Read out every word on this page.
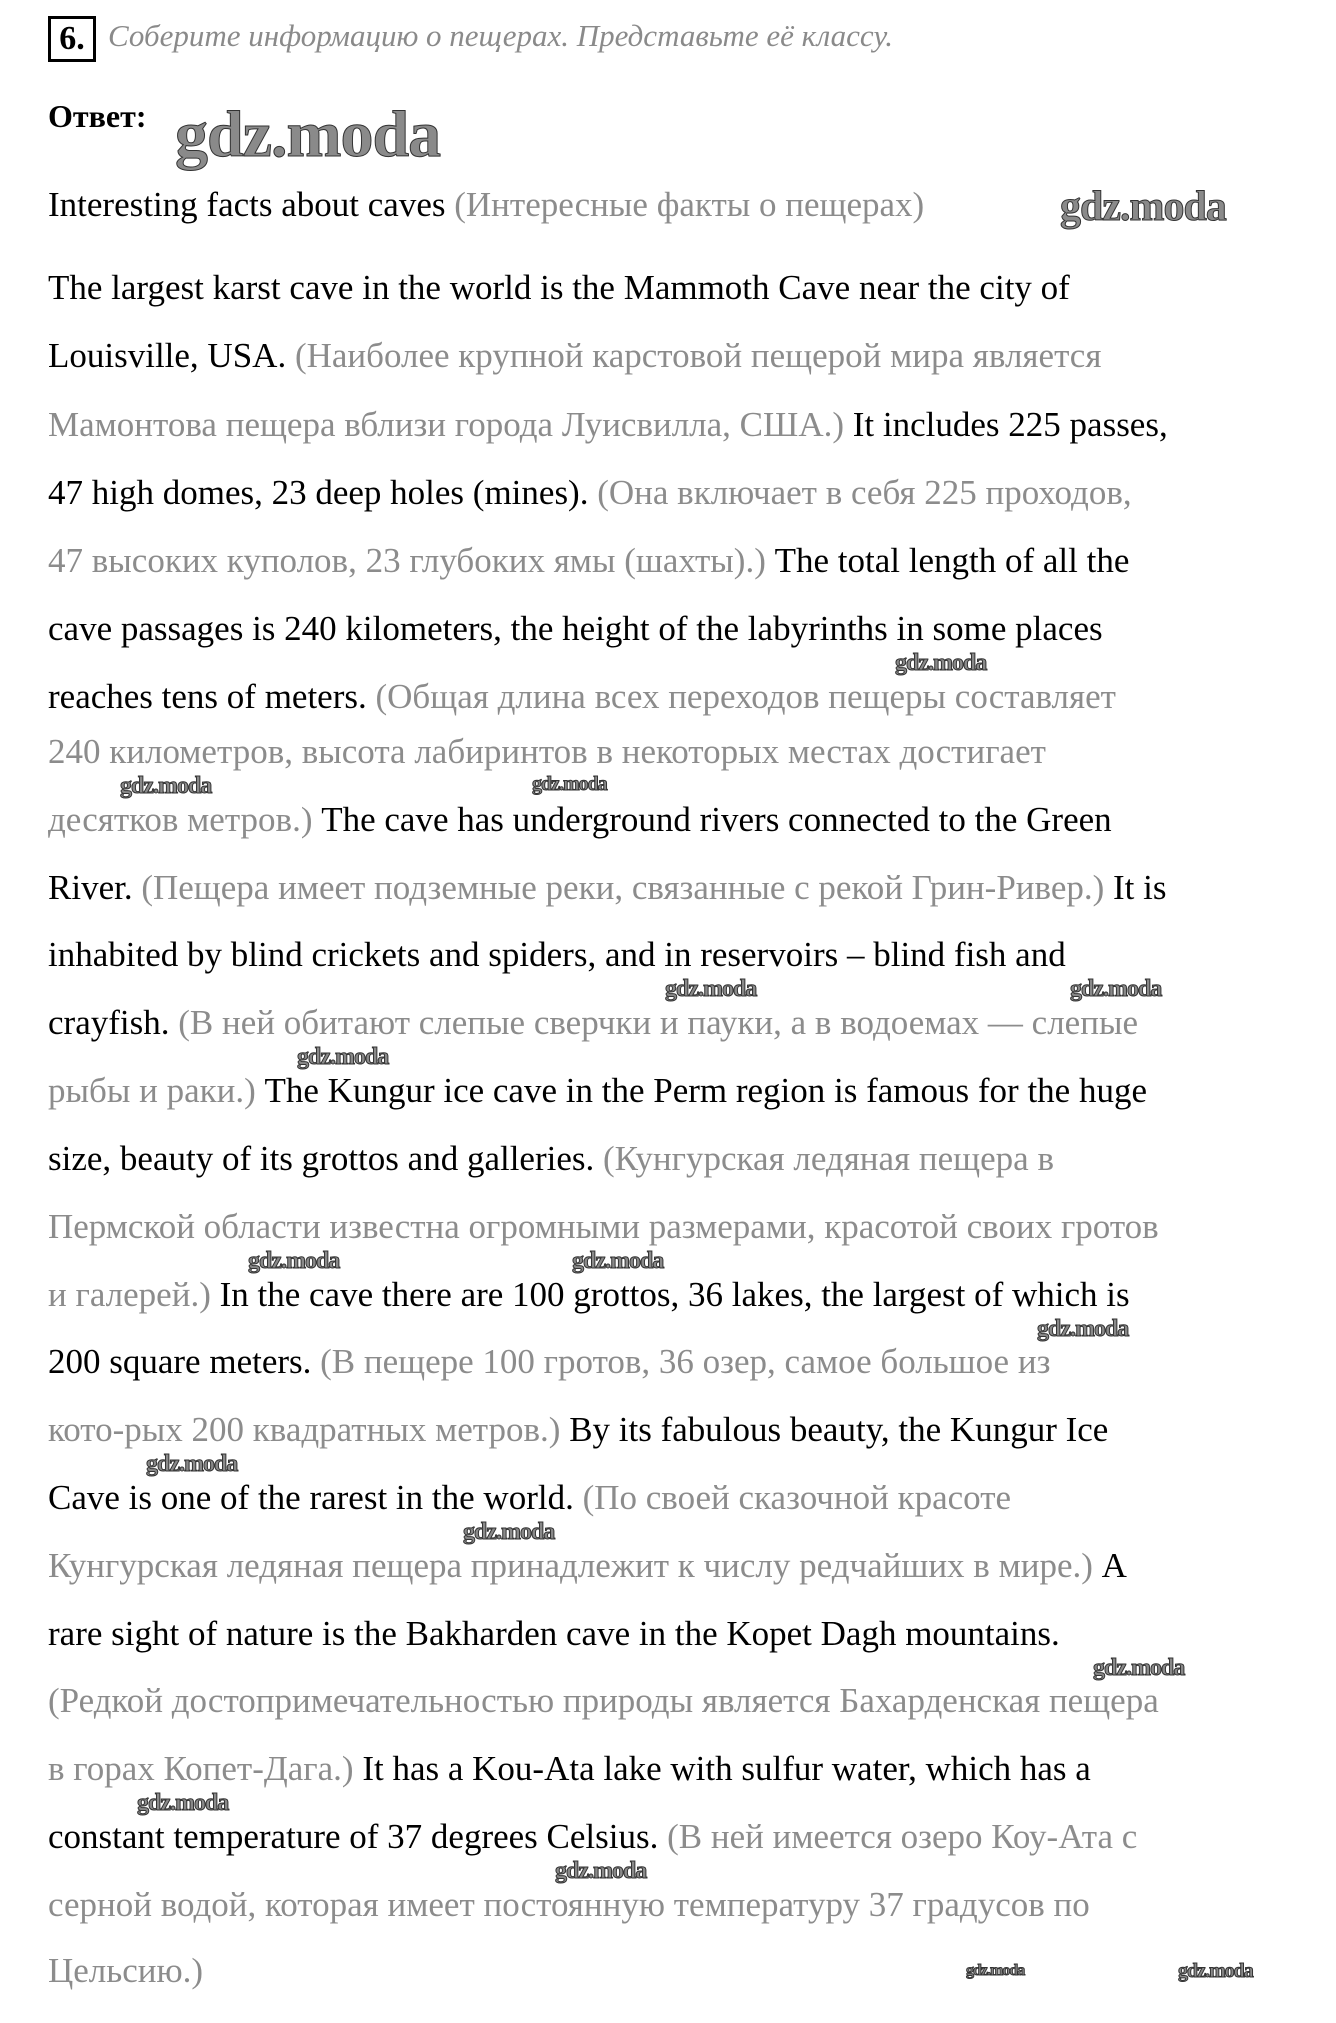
6. Соберите информацию о пещерах. Представьте её классу.
Ответ:
Interesting facts about caves (Интересные факты о пещерах)
The largest karst cave in the world is the Mammoth Cave near the city of
Louisville, USA. (Наиболее крупной карстовой пещерой мира является
Мамонтова пещера вблизи города Луисвилла, США.) It includes 225 passes,
47 high domes, 23 deep holes (mines). (Она включает в себя 225 проходов,
47 высоких куполов, 23 глубоких ямы (шахты).) The total length of all the
cave passages is 240 kilometers, the height of the labyrinths in some places
reaches tens of meters. (Общая длина всех переходов пещеры составляет
240 километров, высота лабиринтов в некоторых местах достигает
десятков метров.) The cave has underground rivers connected to the Green
River. (Пещера имеет подземные реки, связанные с рекой Грин-Ривер.) It is
inhabited by blind crickets and spiders, and in reservoirs – blind fish and
crayfish. (В ней обитают слепые сверчки и пауки, а в водоемах — слепые
рыбы и раки.) The Kungur ice cave in the Perm region is famous for the huge
size, beauty of its grottos and galleries. (Кунгурская ледяная пещера в
Пермской области известна огромными размерами, красотой своих гротов
и галерей.) In the cave there are 100 grottos, 36 lakes, the largest of which is
200 square meters. (В пещере 100 гротов, 36 озер, самое большое из
кото-рых 200 квадратных метров.) By its fabulous beauty, the Kungur Ice
Cave is one of the rarest in the world. (По своей сказочной красоте
Кунгурская ледяная пещера принадлежит к числу редчайших в мире.) A
rare sight of nature is the Bakharden cave in the Kopet Dagh mountains.
(Редкой достопримечательностью природы является Бахарденская пещера
в горах Копет-Дага.) It has a Kou-Ata lake with sulfur water, which has a
constant temperature of 37 degrees Celsius. (В ней имеется озеро Коу-Ата с
серной водой, которая имеет постоянную температуру 37 градусов по
Цельсию.)
gdz.moda
gdz.moda
gdz.moda
gdz.moda
gdz.moda
gdz.moda	gdz.moda
gdz.moda
gdz.moda	gdz.moda
gdz.moda
gdz.moda
gdz.moda
gdz.moda
gdz.moda
gdz.moda
gdz.moda	gdz.moda
